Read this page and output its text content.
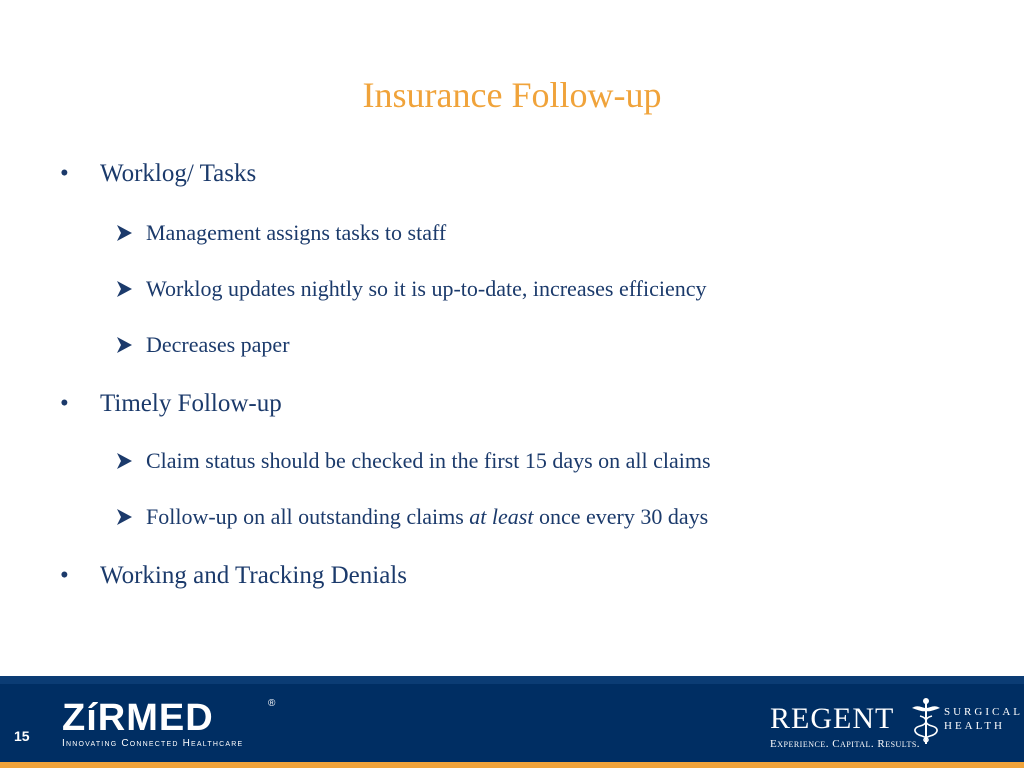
Insurance Follow-up
•	Worklog/ Tasks
Management assigns tasks to staff
Worklog updates nightly so it is up-to-date, increases efficiency
Decreases paper
•	Timely Follow-up
Claim status should be checked in the first 15 days on all claims
Follow-up on all outstanding claims at least once every 30 days
•	Working and Tracking Denials
15 ZíRMED	®
Innovating Connected Healthcare
REGENT	SURGICAL
HEALTH
Experience. Capital. Results.
